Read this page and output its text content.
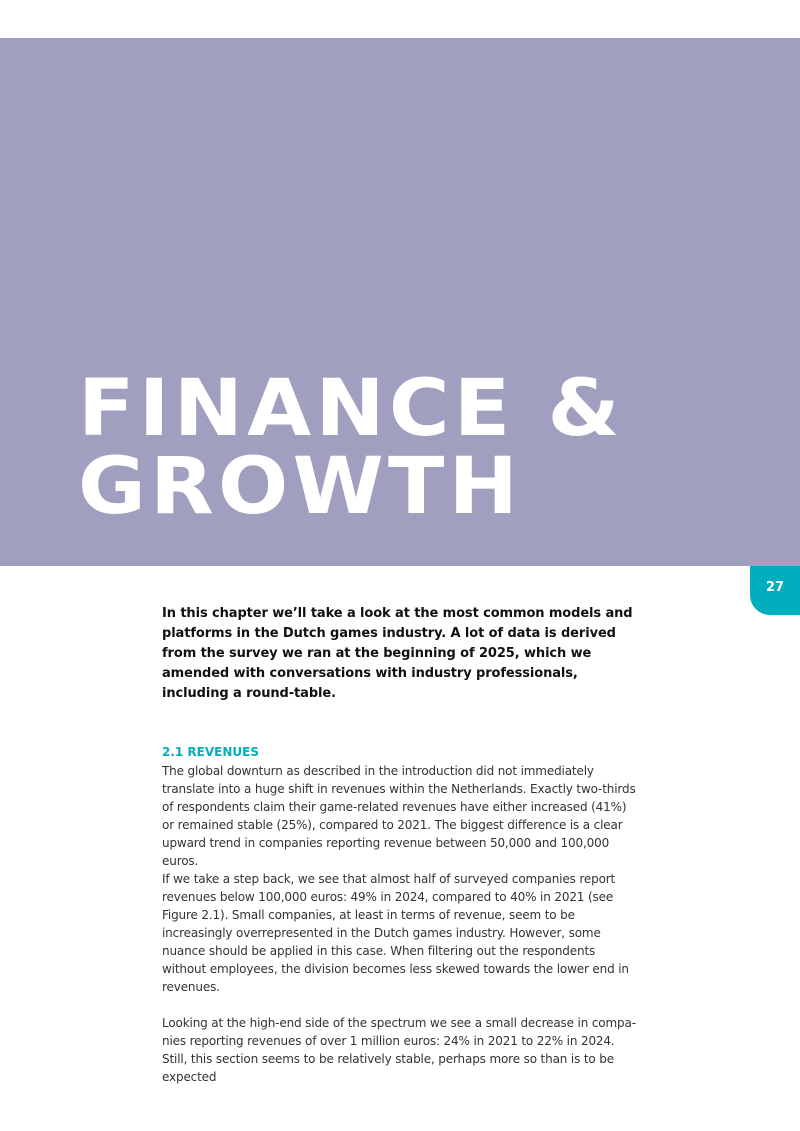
FINANCE &
GROWTH
27

In this chapter we’ll take a look at the most common models and platforms in the Dutch games industry. A lot of data is derived from the survey we ran at the beginning of 2025, which we amended with conversations with industry professionals, including a round-table.

2.1 REVENUES

The global downturn as described in the introduction did not immediately translate into a huge shift in revenues within the Netherlands. Exactly two-thirds of respondents claim their game-related revenues have either increased (41%) or remained stable (25%), compared to 2021. The biggest difference is a clear upward trend in companies reporting revenue between 50,000 and 100,000 euros.

If we take a step back, we see that almost half of surveyed companies report revenues below 100,000 euros: 49% in 2024, compared to 40% in 2021 (see Figure 2.1). Small companies, at least in terms of revenue, seem to be increasingly overrepresented in the Dutch games industry. However, some nuance should be applied in this case. When filtering out the respondents without employees, the division becomes less skewed towards the lower end in revenues.

Looking at the high-end side of the spectrum we see a small decrease in compa-nies reporting revenues of over 1 million euros: 24% in 2021 to 22% in 2024. Still, this section seems to be relatively stable, perhaps more so than is to be expected
